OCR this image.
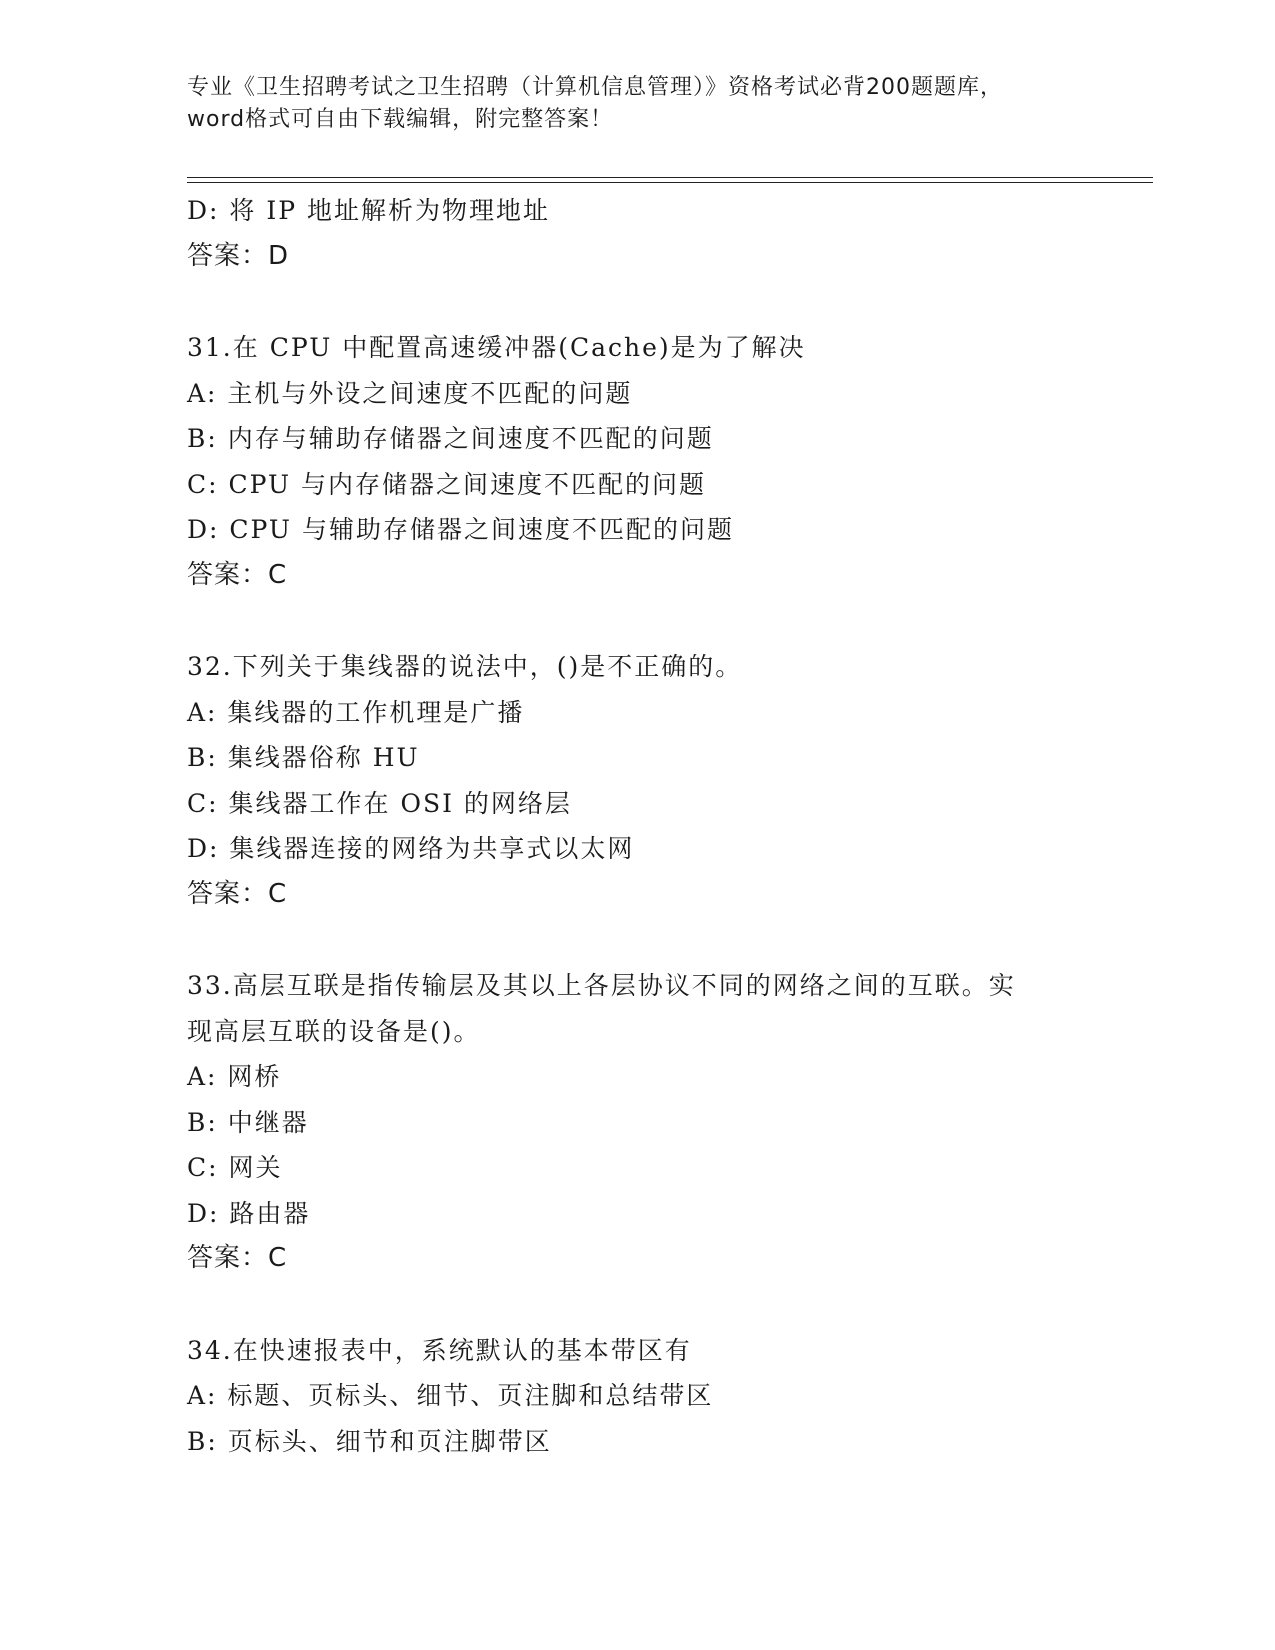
专业《卫生招聘考试之卫生招聘（计算机信息管理）》资格考试必背200题题库，
word格式可自由下载编辑，附完整答案！
D: 将 IP 地址解析为物理地址
答案：D
31.在 CPU 中配置高速缓冲器(Cache)是为了解决
A: 主机与外设之间速度不匹配的问题
B: 内存与辅助存储器之间速度不匹配的问题
C: CPU 与内存储器之间速度不匹配的问题
D: CPU 与辅助存储器之间速度不匹配的问题
答案：C
32.下列关于集线器的说法中，()是不正确的。
A: 集线器的工作机理是广播
B: 集线器俗称 HU
C: 集线器工作在 OSI 的网络层
D: 集线器连接的网络为共享式以太网
答案：C
33.高层互联是指传输层及其以上各层协议不同的网络之间的互联。实
现高层互联的设备是()。
A: 网桥
B: 中继器
C: 网关
D: 路由器
答案：C
34.在快速报表中，系统默认的基本带区有
A: 标题、页标头、细节、页注脚和总结带区
B: 页标头、细节和页注脚带区
